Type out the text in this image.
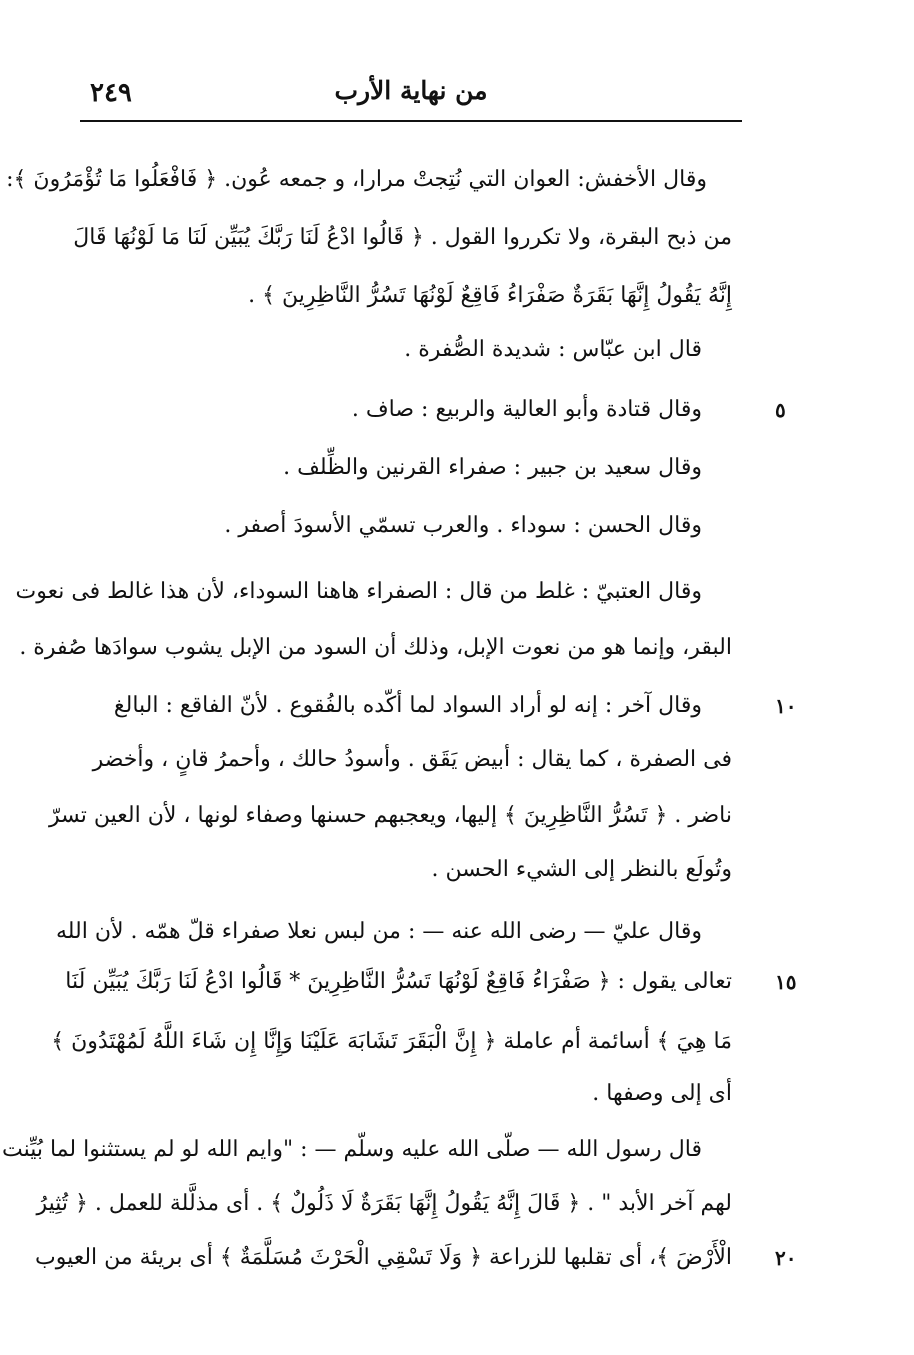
٢٤٩	من نهاية الأرب
وقال الأخفش: العوان التي نُتِجتْ مرارا، و جمعه عُون. ﴿ فَافْعَلُوا مَا تُؤْمَرُونَ ﴾:
من ذبح البقرة، ولا تكرروا القول . ﴿ قَالُوا ادْعُ لَنَا رَبَّكَ يُبَيِّن لَنَا مَا لَوْنُهَا قَالَ
إِنَّهُ يَقُولُ إِنَّهَا بَقَرَةٌ صَفْرَاءُ فَاقِعٌ لَوْنُهَا تَسُرُّ النَّاظِرِينَ ﴾ .
قال ابن عبّاس : شديدة الصُّفرة .
وقال قتادة وأبو العالية والربيع : صاف .
وقال سعيد بن جبير : صفراء القرنين والظِّلف .
وقال الحسن : سوداء . والعرب تسمّي الأسودَ أصفر .
وقال العتبيّ : غلط من قال : الصفراء هاهنا السوداء، لأن هذا غالط فى نعوت
البقر، وإنما هو من نعوت الإبل، وذلك أن السود من الإبل يشوب سوادَها صُفرة .
وقال آخر : إنه لو أراد السواد لما أكّده بالفُقوع . لأنّ الفاقع : البالغ
فى الصفرة ، كما يقال : أبيض يَقَق . وأسودُ حالك ، وأحمرُ قانٍ ، وأخضر
ناضر . ﴿ تَسُرُّ النَّاظِرِينَ ﴾ إليها، ويعجبهم حسنها وصفاء لونها ، لأن العين تسرّ
وتُولَع بالنظر إلى الشيء الحسن .
وقال عليّ — رضى الله عنه — : من لبس نعلا صفراء قلّ همّه . لأن الله
تعالى يقول : ﴿ صَفْرَاءُ فَاقِعٌ لَوْنُهَا تَسُرُّ النَّاظِرِينَ * قَالُوا ادْعُ لَنَا رَبَّكَ يُبَيِّن لَنَا
مَا هِيَ ﴾ أسائمة أم عاملة ﴿ إِنَّ الْبَقَرَ تَشَابَهَ عَلَيْنَا وَإِنَّا إِن شَاءَ اللَّهُ لَمُهْتَدُونَ ﴾
أى إلى وصفها .
قال رسول الله — صلّى الله عليه وسلّم — : "وايم الله لو لم يستثنوا لما بُيِّنت
لهم آخر الأبد " . ﴿ قَالَ إِنَّهُ يَقُولُ إِنَّهَا بَقَرَةٌ لَا ذَلُولٌ ﴾ . أى مذلَّلة للعمل . ﴿ تُثِيرُ
الْأَرْضَ ﴾، أى تقلبها للزراعة ﴿ وَلَا تَسْقِي الْحَرْثَ مُسَلَّمَةٌ ﴾ أى بريئة من العيوب
٥
١٠
١٥
٢٠
